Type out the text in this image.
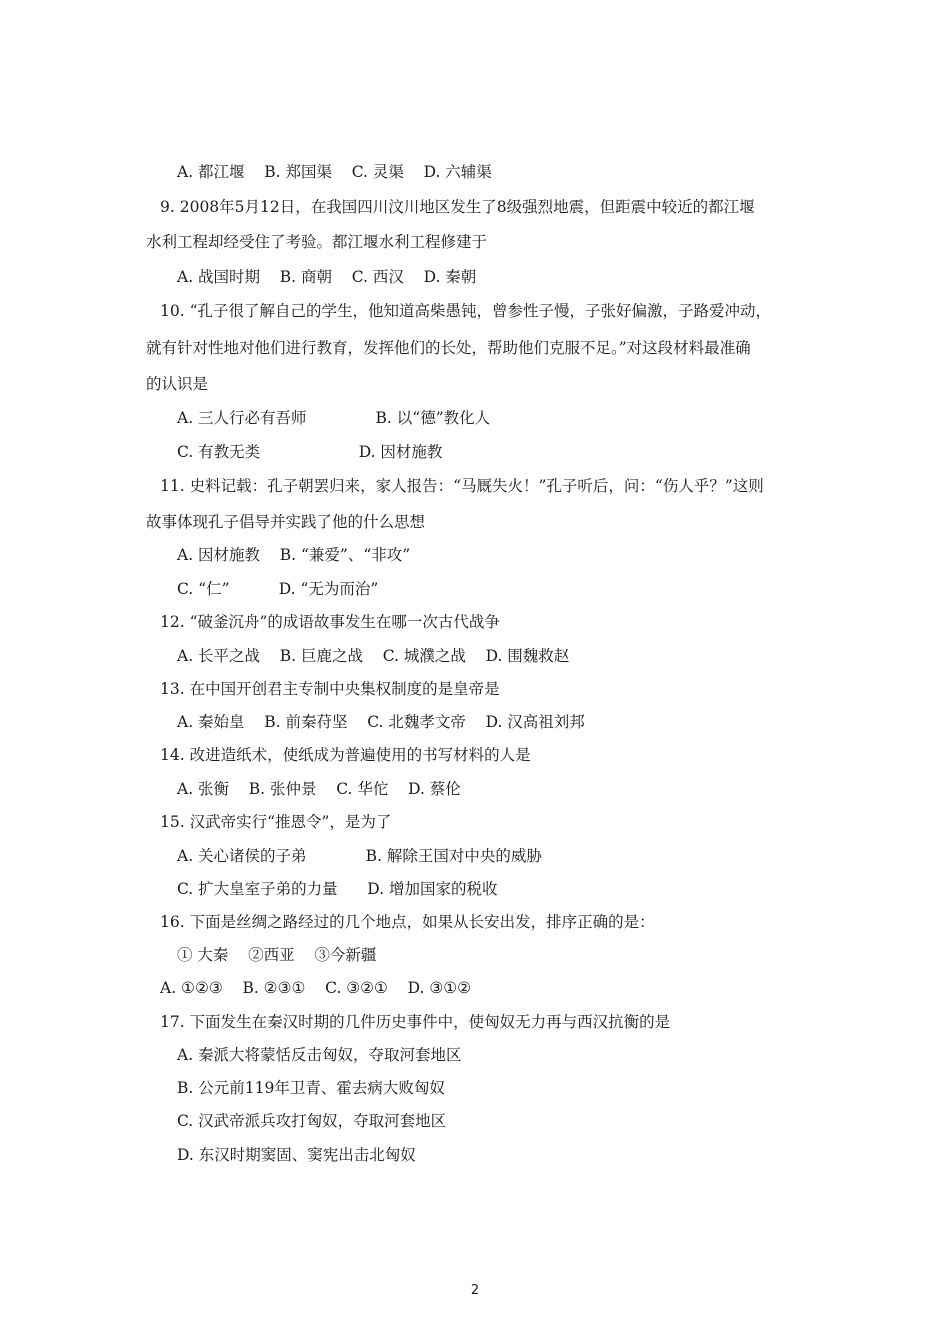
A. 都江堰    B. 郑国渠    C. 灵渠    D. 六辅渠
9. 2008年5月12日，在我国四川汶川地区发生了8级强烈地震，但距震中较近的都江堰
水利工程却经受住了考验。都江堰水利工程修建于
A. 战国时期    B. 商朝    C. 西汉    D. 秦朝
10. “孔子很了解自己的学生，他知道高柴愚钝，曾参性子慢，子张好偏激，子路爱冲动，
就有针对性地对他们进行教育，发挥他们的长处，帮助他们克服不足。”对这段材料最准确
的认识是
A. 三人行必有吾师              B. 以“德”教化人
C. 有教无类                    D. 因材施教
11. 史料记载：孔子朝罢归来，家人报告：“马厩失火！”孔子听后，问：“伤人乎？”这则
故事体现孔子倡导并实践了他的什么思想
A. 因材施教    B. “兼爱”、“非攻”
C. “仁”          D. “无为而治”
12. “破釜沉舟”的成语故事发生在哪一次古代战争
A. 长平之战    B. 巨鹿之战    C. 城濮之战    D. 围魏救赵
13. 在中国开创君主专制中央集权制度的是皇帝是
A. 秦始皇    B. 前秦苻坚    C. 北魏孝文帝    D. 汉高祖刘邦
14. 改进造纸术，使纸成为普遍使用的书写材料的人是
A. 张衡    B. 张仲景    C. 华佗    D. 蔡伦
15. 汉武帝实行“推恩令”，是为了
A. 关心诸侯的子弟            B. 解除王国对中央的威胁
C. 扩大皇室子弟的力量      D. 增加国家的税收
16. 下面是丝绸之路经过的几个地点，如果从长安出发，排序正确的是：
① 大秦    ②西亚    ③今新疆
A. ①②③    B. ②③①    C. ③②①    D. ③①②
17. 下面发生在秦汉时期的几件历史事件中，使匈奴无力再与西汉抗衡的是
A. 秦派大将蒙恬反击匈奴，夺取河套地区
B. 公元前119年卫青、霍去病大败匈奴
C. 汉武帝派兵攻打匈奴，夺取河套地区
D. 东汉时期窦固、窦宪出击北匈奴
2
